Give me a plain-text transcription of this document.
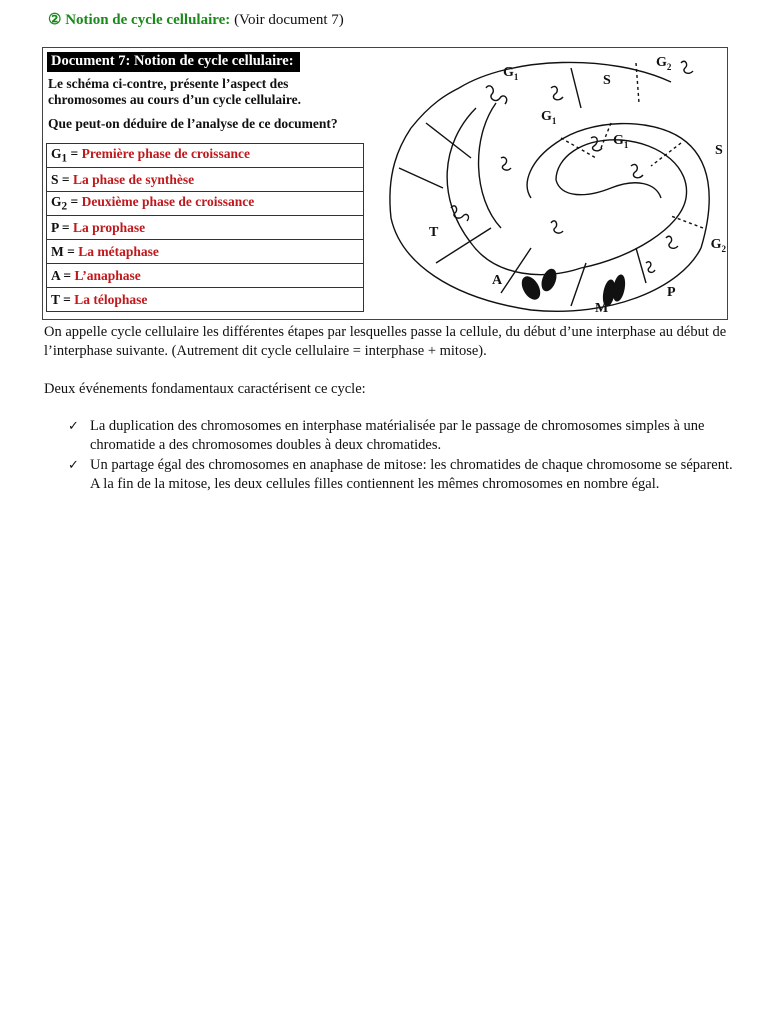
② Notion de cycle cellulaire: (Voir document 7)
Document 7: Notion de cycle cellulaire:
Le schéma ci-contre, présente l’aspect des chromosomes au cours d’un cycle cellulaire.
Que peut-on déduire de l’analyse de ce document?
$G_1$ = Première phase de croissance
S = La phase de synthèse
$G_2$ = Deuxième phase de croissance
P = La prophase
M = La métaphase
A = L’anaphase
T = La télophase
$G_1$	S
$G_2$
$G_1$
$G_1$	S
$G_2$
T
A
M
P

On appelle cycle cellulaire les différentes étapes par lesquelles passe la cellule, du début d’une interphase au début de l’interphase suivante. (Autrement dit cycle cellulaire = interphase + mitose).

Deux événements fondamentaux caractérisent ce cycle:

✓ La duplication des chromosomes en interphase matérialisée par le passage de chromosomes simples à une chromatide a des chromosomes doubles à deux chromatides.
✓ Un partage égal des chromosomes en anaphase de mitose: les chromatides de chaque chromosome se séparent. A la fin de la mitose, les deux cellules filles contiennent les mêmes chromosomes en nombre égal.
